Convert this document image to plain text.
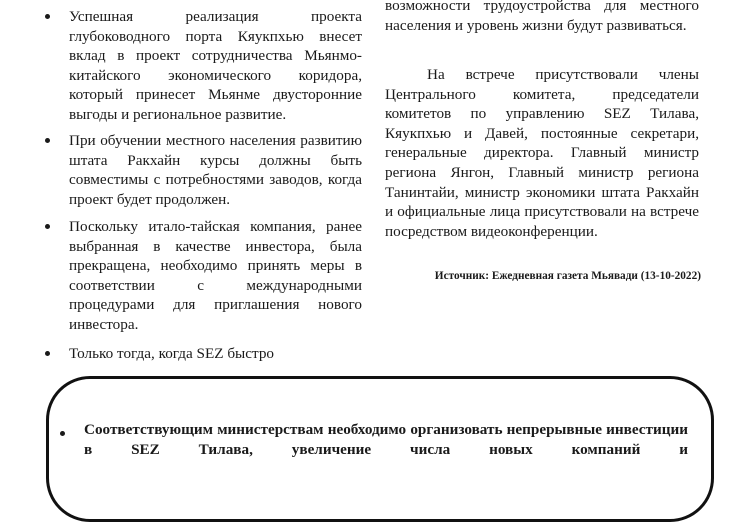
Успешная реализация проекта глубоководного порта Кяукпхью внесет вклад в проект сотрудничества Мьянмо-китайского экономического коридора, который принесет Мьянме двусторонние выгоды и региональное развитие.
При обучении местного населения развитию штата Ракхайн курсы должны быть совместимы с потребностями заводов, когда проект будет продолжен.
Поскольку итало-тайская компания, ранее выбранная в качестве инвестора, была прекращена, необходимо принять меры в соответствии с международными процедурами для приглашения нового инвестора.
Только тогда, когда SEZ быстро
возможности трудоустройства для местного населения и уровень жизни будут развиваться.
На встрече присутствовали члены Центрального комитета, председатели комитетов по управлению SEZ Тилава, Кяукпхью и Давей, постоянные секретари, генеральные директора. Главный министр региона Янгон, Главный министр региона Танинтайи, министр экономики штата Ракхайн и официальные лица присутствовали на встрече посредством видеоконференции.
Источник: Ежедневная газета Мьявади (13-10-2022)
Соответствующим министерствам необходимо организовать непрерывные инвестиции в SEZ Тилава, увеличение числа новых компаний и
